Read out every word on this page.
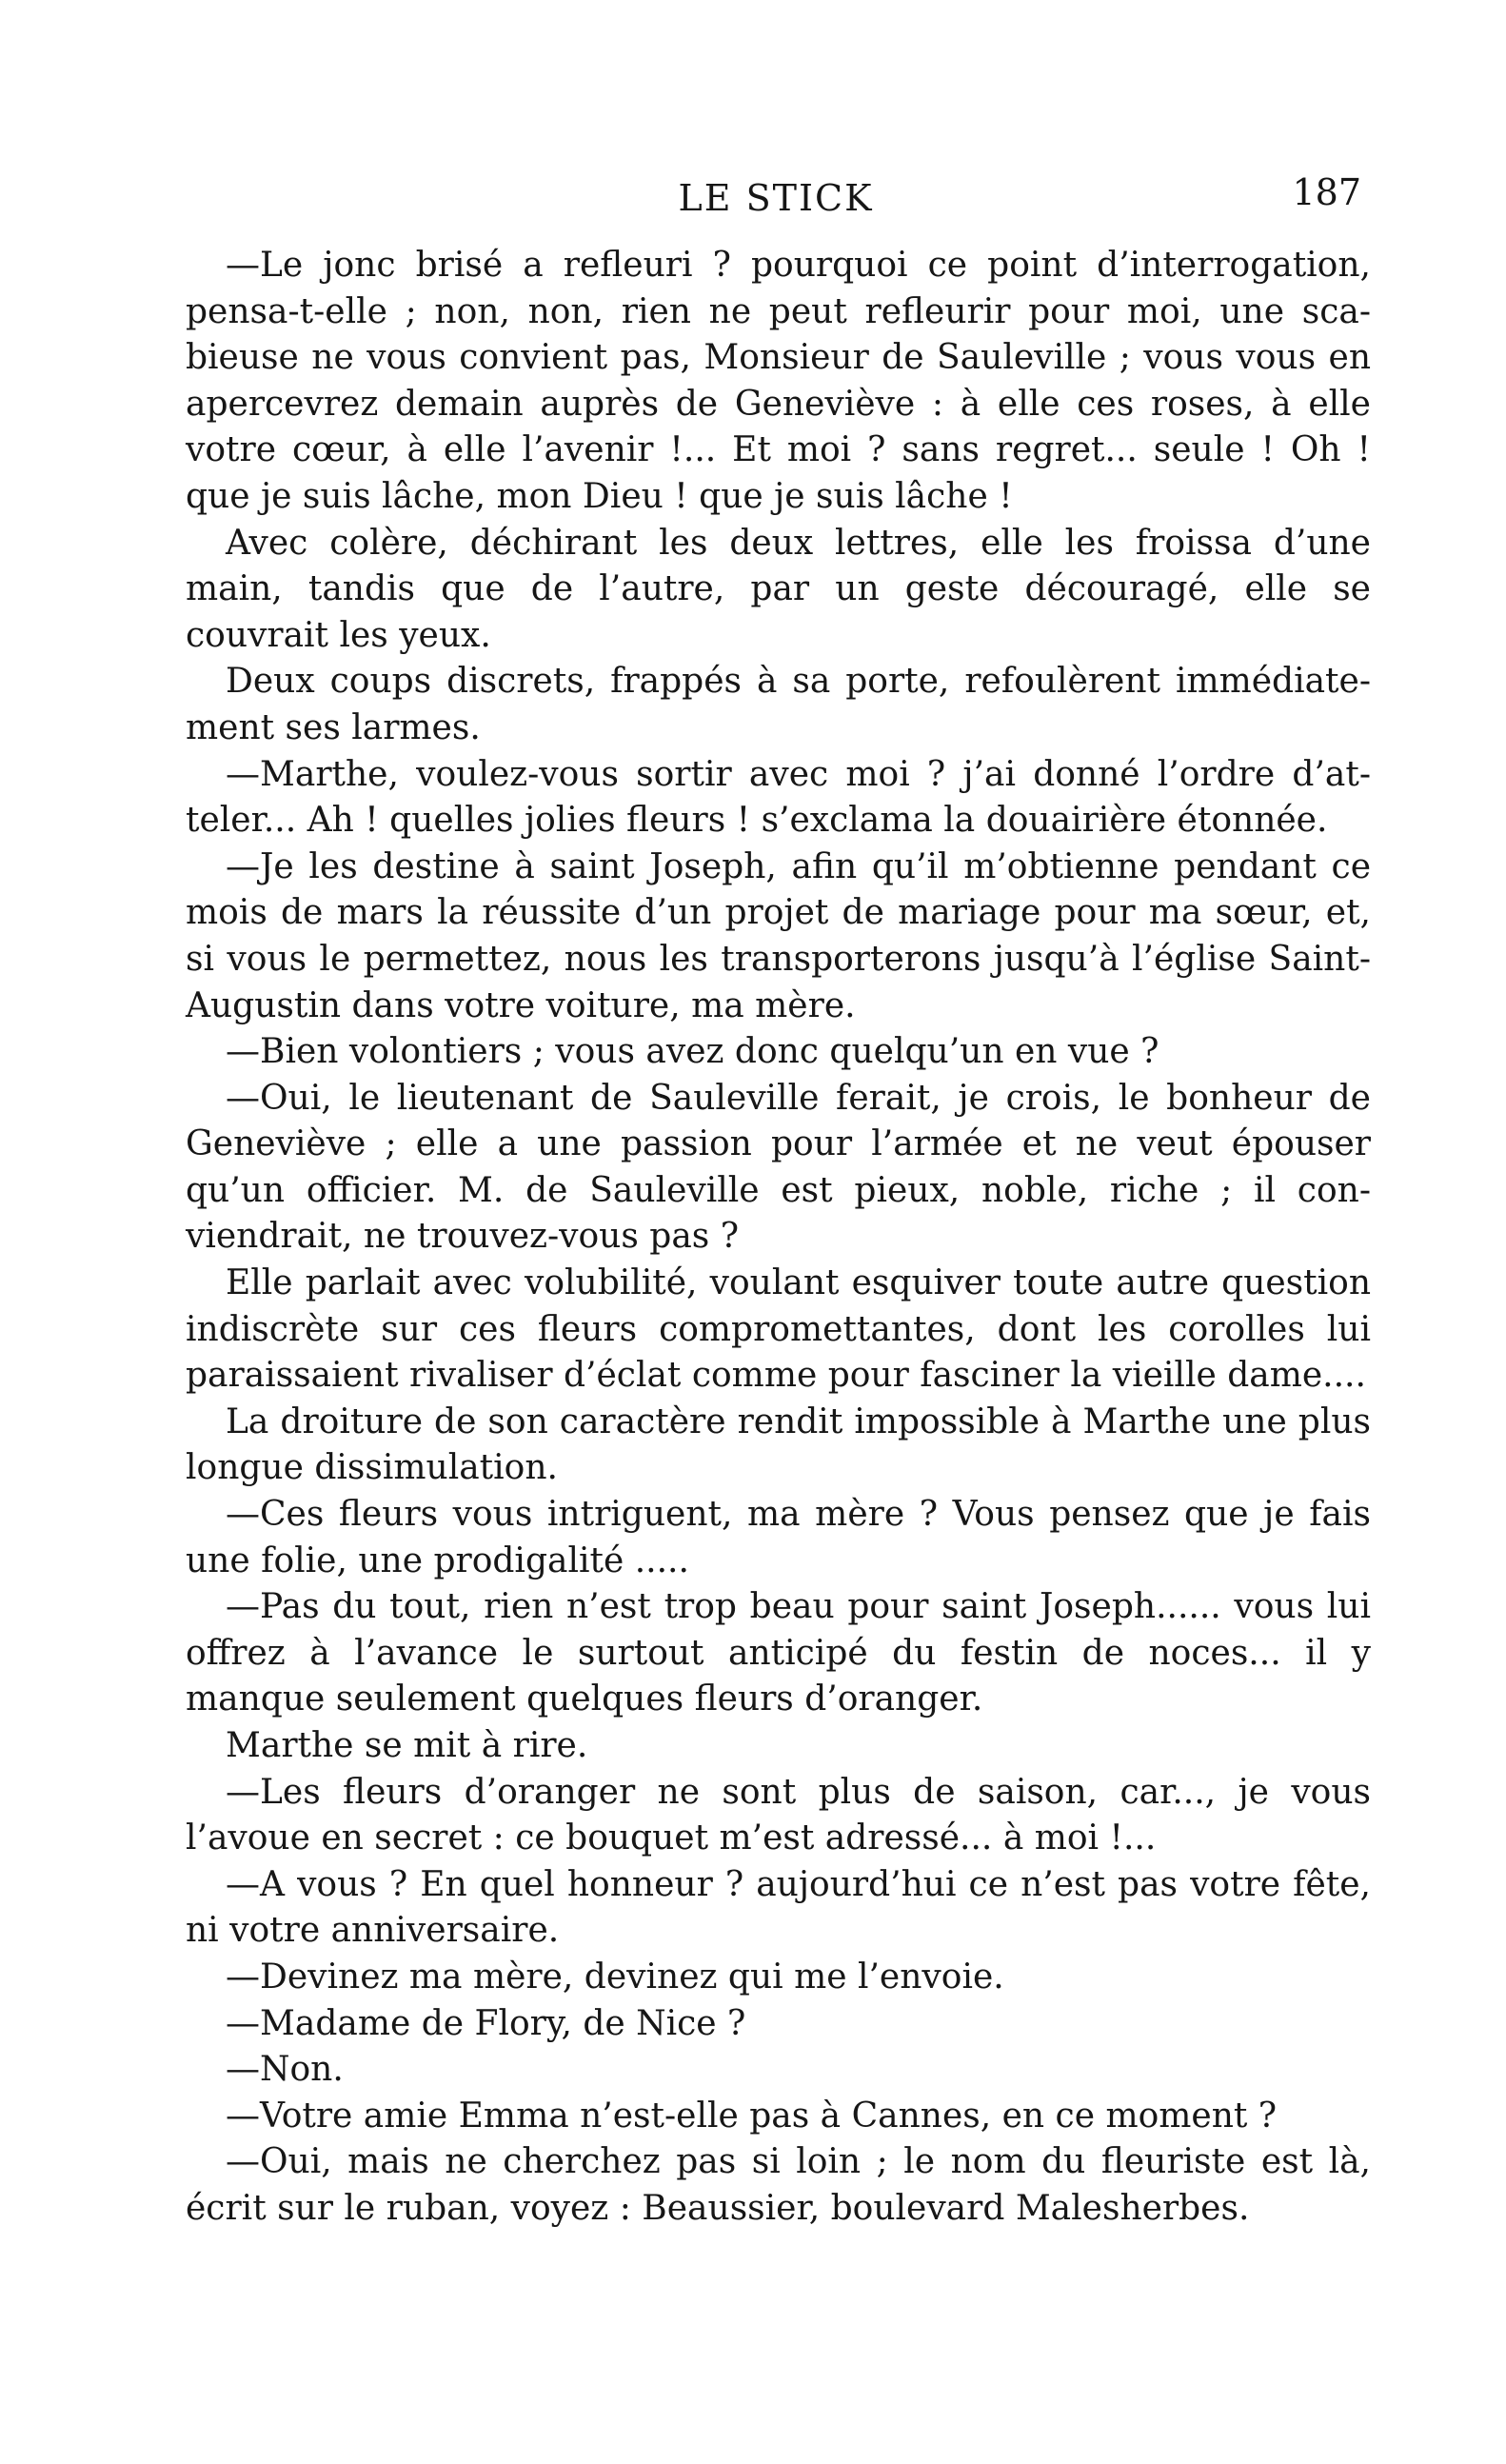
LE STICK	187

—Le jonc brisé a refleuri ? pourquoi ce point d’interrogation, pensa-t-elle ; non, non, rien ne peut refleurir pour moi, une scabieuse ne vous convient pas, Monsieur de Sauleville ; vous vous en apercevrez demain auprès de Geneviève : à elle ces roses, à elle votre cœur, à elle l’avenir !... Et moi ? sans regret... seule ! Oh ! que je suis lâche, mon Dieu ! que je suis lâche !

Avec colère, déchirant les deux lettres, elle les froissa d’une main, tandis que de l’autre, par un geste découragé, elle se couvrait les yeux.

Deux coups discrets, frappés à sa porte, refoulèrent immédiatement ses larmes.

—Marthe, voulez-vous sortir avec moi ? j’ai donné l’ordre d’atteler... Ah ! quelles jolies fleurs ! s’exclama la douairière étonnée.

—Je les destine à saint Joseph, afin qu’il m’obtienne pendant ce mois de mars la réussite d’un projet de mariage pour ma sœur, et, si vous le permettez, nous les transporterons jusqu’à l’église Saint-Augustin dans votre voiture, ma mère.

—Bien volontiers ; vous avez donc quelqu’un en vue ?

—Oui, le lieutenant de Sauleville ferait, je crois, le bonheur de Geneviève ; elle a une passion pour l’armée et ne veut épouser qu’un officier. M. de Sauleville est pieux, noble, riche ; il conviendrait, ne trouvez-vous pas ?

Elle parlait avec volubilité, voulant esquiver toute autre question indiscrète sur ces fleurs compromettantes, dont les corolles lui paraissaient rivaliser d’éclat comme pour fasciner la vieille dame....

La droiture de son caractère rendit impossible à Marthe une plus longue dissimulation.

—Ces fleurs vous intriguent, ma mère ? Vous pensez que je fais une folie, une prodigalité .....

—Pas du tout, rien n’est trop beau pour saint Joseph...... vous lui offrez à l’avance le surtout anticipé du festin de noces... il y manque seulement quelques fleurs d’oranger.

Marthe se mit à rire.

—Les fleurs d’oranger ne sont plus de saison, car..., je vous l’avoue en secret : ce bouquet m’est adressé... à moi !...

—A vous ? En quel honneur ? aujourd’hui ce n’est pas votre fête, ni votre anniversaire.

—Devinez ma mère, devinez qui me l’envoie.

—Madame de Flory, de Nice ?

—Non.

—Votre amie Emma n’est-elle pas à Cannes, en ce moment ?

—Oui, mais ne cherchez pas si loin ; le nom du fleuriste est là, écrit sur le ruban, voyez : Beaussier, boulevard Malesherbes.
